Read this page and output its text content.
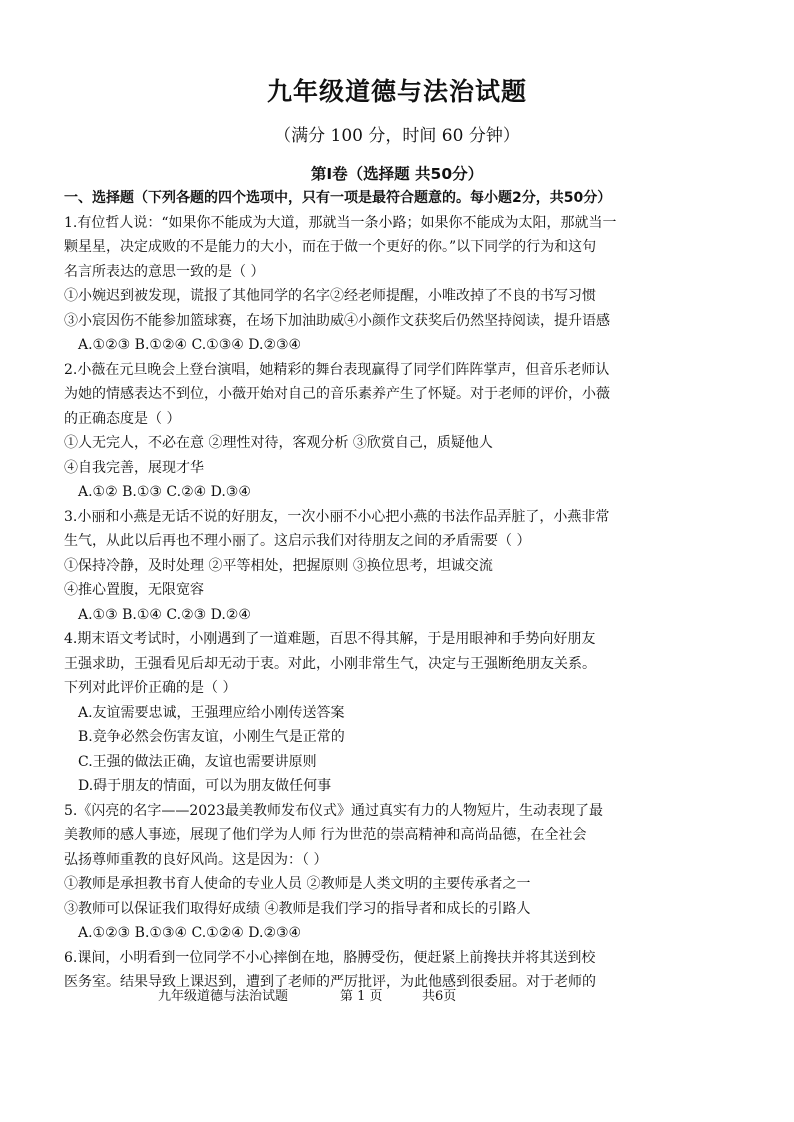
九年级道德与法治试题
（满分 100 分，时间 60 分钟）
第Ⅰ卷（选择题 共50分）
一、选择题（下列各题的四个选项中，只有一项是最符合题意的。每小题2分，共50分）
1.有位哲人说：“如果你不能成为大道，那就当一条小路；如果你不能成为太阳，那就当一
颗星星，决定成败的不是能力的大小，而在于做一个更好的你。”以下同学的行为和这句
名言所表达的意思一致的是（ ）
①小婉迟到被发现，谎报了其他同学的名字②经老师提醒，小唯改掉了不良的书写习惯
③小宸因伤不能参加篮球赛，在场下加油助威④小颜作文获奖后仍然坚持阅读，提升语感
A.①②③ B.①②④ C.①③④ D.②③④
2.小薇在元旦晚会上登台演唱，她精彩的舞台表现赢得了同学们阵阵掌声，但音乐老师认
为她的情感表达不到位，小薇开始对自己的音乐素养产生了怀疑。对于老师的评价，小薇
的正确态度是（ ）
①人无完人，不必在意 ②理性对待，客观分析 ③欣赏自己，质疑他人
④自我完善，展现才华
A.①② B.①③ C.②④ D.③④
3.小丽和小燕是无话不说的好朋友，一次小丽不小心把小燕的书法作品弄脏了，小燕非常
生气，从此以后再也不理小丽了。这启示我们对待朋友之间的矛盾需要（ ）
①保持冷静，及时处理 ②平等相处，把握原则 ③换位思考，坦诚交流
④推心置腹，无限宽容
A.①③ B.①④ C.②③ D.②④
4.期末语文考试时，小刚遇到了一道难题，百思不得其解，于是用眼神和手势向好朋友
王强求助，王强看见后却无动于衷。对此，小刚非常生气，决定与王强断绝朋友关系。
下列对此评价正确的是（ ）
A.友谊需要忠诚，王强理应给小刚传送答案
B.竞争必然会伤害友谊，小刚生气是正常的
C.王强的做法正确，友谊也需要讲原则
D.碍于朋友的情面，可以为朋友做任何事
5.《闪亮的名字——2023最美教师发布仪式》通过真实有力的人物短片，生动表现了最
美教师的感人事迹，展现了他们学为人师 行为世范的崇高精神和高尚品德，在全社会
弘扬尊师重教的良好风尚。这是因为：（ ）
①教师是承担教书育人使命的专业人员 ②教师是人类文明的主要传承者之一
③教师可以保证我们取得好成绩 ④教师是我们学习的指导者和成长的引路人
A.①②③ B.①③④ C.①②④ D.②③④
6.课间，小明看到一位同学不小心摔倒在地，胳膊受伤，便赶紧上前搀扶并将其送到校
医务室。结果导致上课迟到，遭到了老师的严厉批评，为此他感到很委屈。对于老师的
九年级道德与法治试题	第 1 页	共6页
